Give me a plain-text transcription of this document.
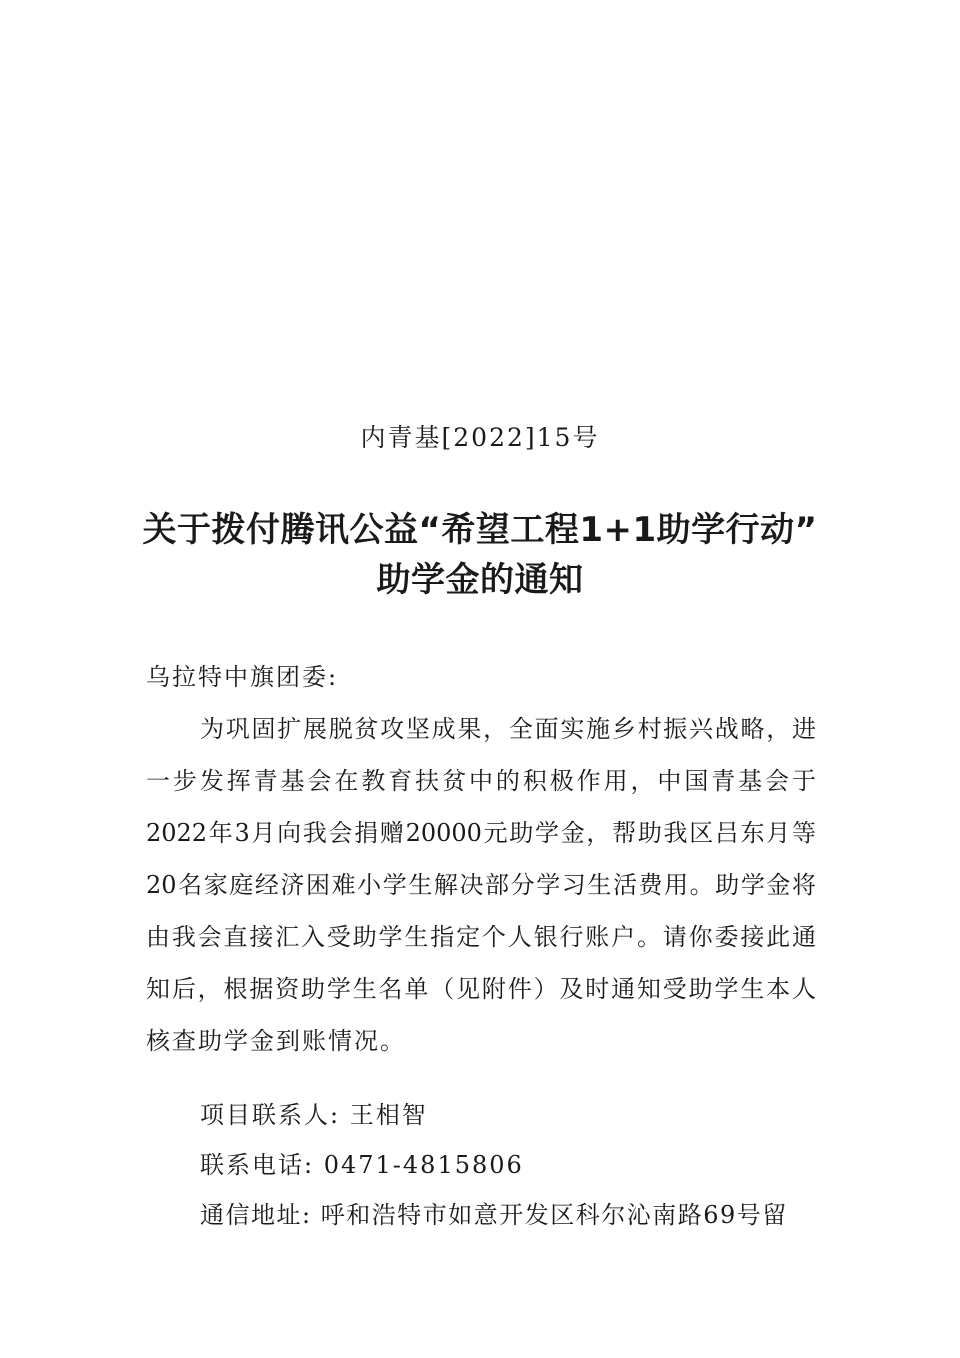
内青基[2022]15号
关于拨付腾讯公益“希望工程1+1助学行动”
助学金的通知
乌拉特中旗团委:
为巩固扩展脱贫攻坚成果，全面实施乡村振兴战略，进
一步发挥青基会在教育扶贫中的积极作用，中国青基会于
2022年3月向我会捐赠20000元助学金，帮助我区吕东月等
20名家庭经济困难小学生解决部分学习生活费用。助学金将
由我会直接汇入受助学生指定个人银行账户。请你委接此通
知后，根据资助学生名单（见附件）及时通知受助学生本人
核查助学金到账情况。
项目联系人: 王相智
联系电话: 0471-4815806
通信地址: 呼和浩特市如意开发区科尔沁南路69号留
